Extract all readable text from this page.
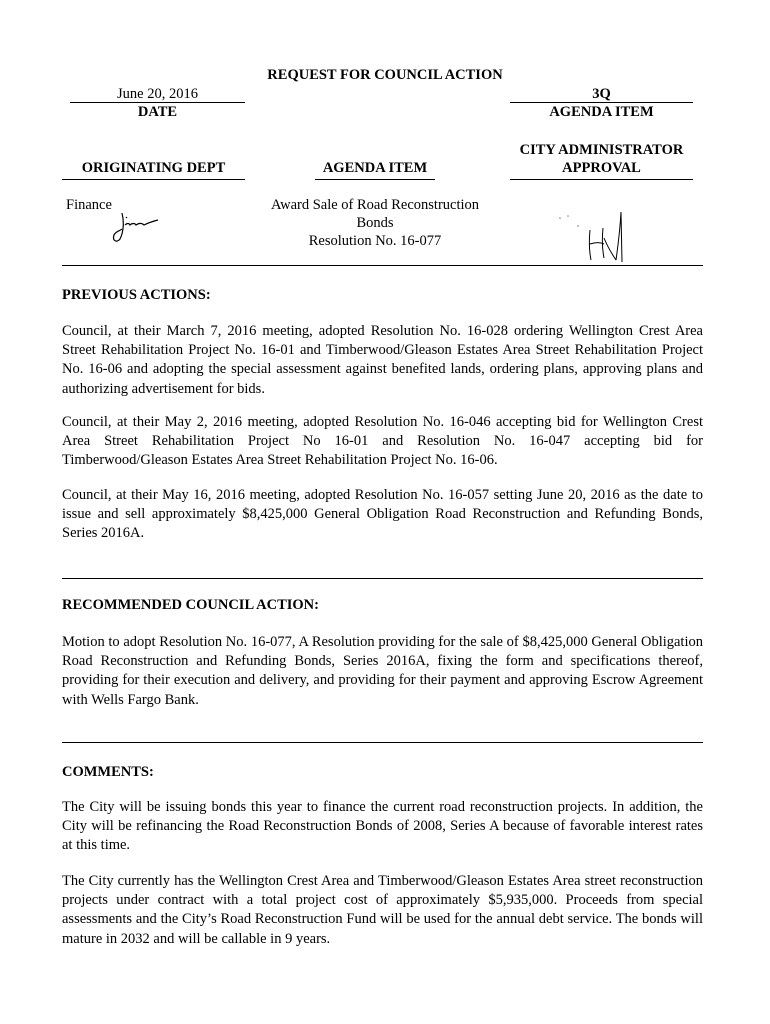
REQUEST FOR COUNCIL ACTION
June 20, 2016
DATE
3Q
AGENDA ITEM
CITY ADMINISTRATOR
APPROVAL
ORIGINATING DEPT	AGENDA ITEM
Finance	Award Sale of Road Reconstruction
Bonds
Resolution No. 16-077
PREVIOUS ACTIONS:
Council, at their March 7, 2016 meeting, adopted Resolution No. 16-028 ordering Wellington Crest Area Street Rehabilitation Project No. 16-01 and Timberwood/Gleason Estates Area Street Rehabilitation Project No. 16-06 and adopting the special assessment against benefited lands, ordering plans, approving plans and authorizing advertisement for bids.
Council, at their May 2, 2016 meeting, adopted Resolution No. 16-046 accepting bid for Wellington Crest Area Street Rehabilitation Project No 16-01 and Resolution No. 16-047 accepting bid for Timberwood/Gleason Estates Area Street Rehabilitation Project No. 16-06.
Council, at their May 16, 2016 meeting, adopted Resolution No. 16-057 setting June 20, 2016 as the date to issue and sell approximately $8,425,000 General Obligation Road Reconstruction and Refunding Bonds, Series 2016A.
RECOMMENDED COUNCIL ACTION:
Motion to adopt Resolution No. 16-077, A Resolution providing for the sale of $8,425,000 General Obligation Road Reconstruction and Refunding Bonds, Series 2016A, fixing the form and specifications thereof, providing for their execution and delivery, and providing for their payment and approving Escrow Agreement with Wells Fargo Bank.
COMMENTS:
The City will be issuing bonds this year to finance the current road reconstruction projects. In addition, the City will be refinancing the Road Reconstruction Bonds of 2008, Series A because of favorable interest rates at this time.
The City currently has the Wellington Crest Area and Timberwood/Gleason Estates Area street reconstruction projects under contract with a total project cost of approximately $5,935,000. Proceeds from special assessments and the City’s Road Reconstruction Fund will be used for the annual debt service. The bonds will mature in 2032 and will be callable in 9 years.
